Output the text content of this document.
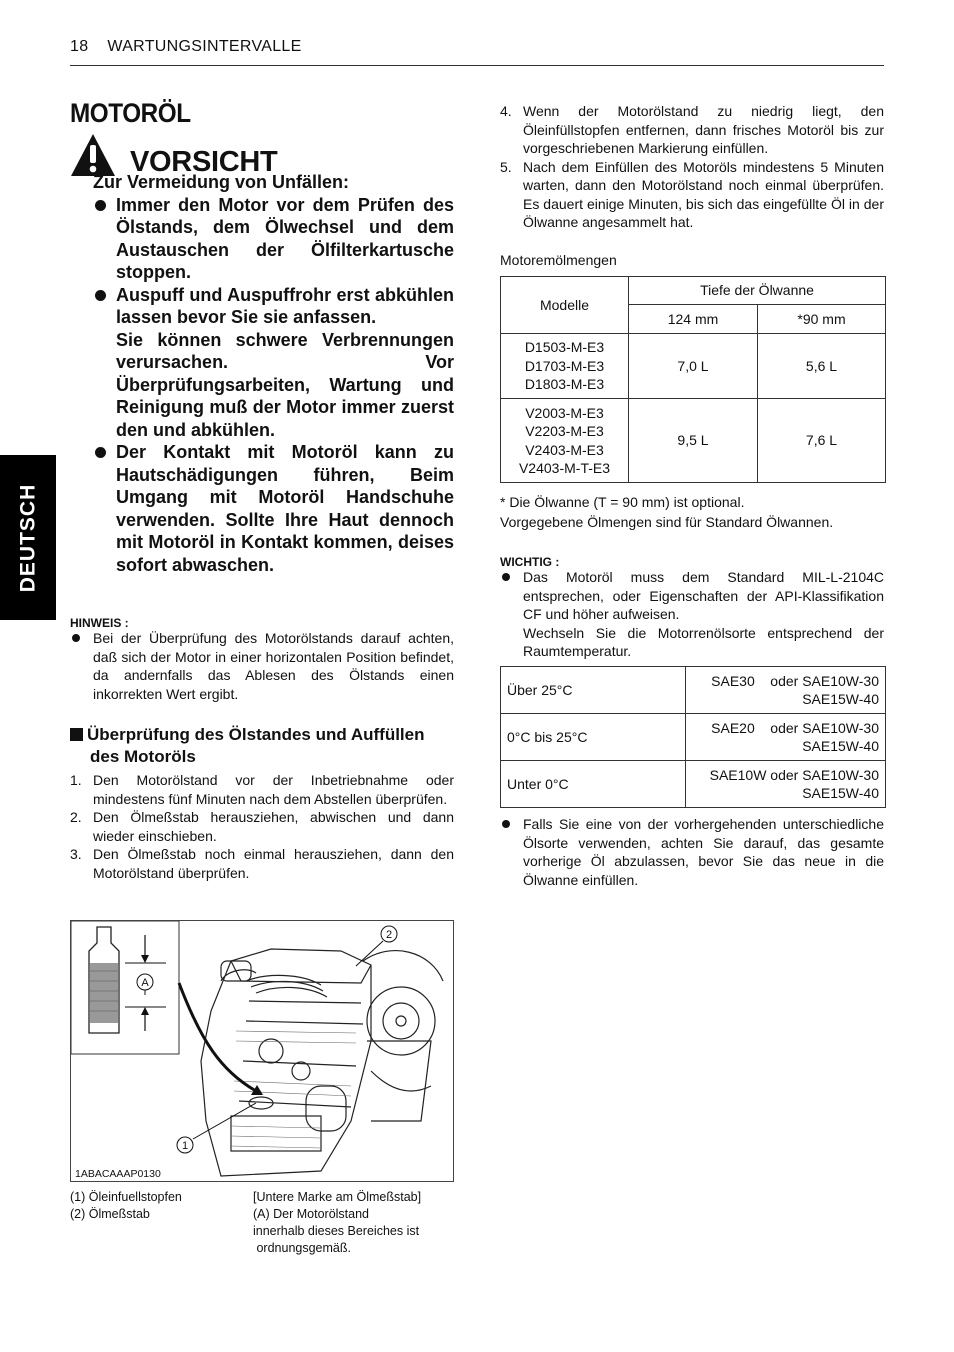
18 WARTUNGSINTERVALLE
DEUTSCH
MOTORÖL
VORSICHT
Zur Vermeidung von Unfällen:

Immer den Motor vor dem Prüfen des Ölstands, dem Ölwechsel und dem Austauschen der Ölfilterkartusche stoppen.

Auspuff und Auspuffrohr erst abkühlen lassen bevor Sie sie anfassen.

Sie können schwere Verbrennungen verursachen. Vor Überprüfungsarbeiten, Wartung und Reinigung muß der Motor immer zuerst den und abkühlen.

Der Kontakt mit Motoröl kann zu Hautschädigungen führen, Beim Umgang mit Motoröl Handschuhe verwenden. Sollte Ihre Haut dennoch mit Motoröl in Kontakt kommen, deises sofort abwaschen.

HINWEIS :
Bei der Überprüfung des Motorölstands darauf achten, daß sich der Motor in einer horizontalen Position befindet, da andernfalls das Ablesen des Ölstands einen inkorrekten Wert ergibt.
Überprüfung des Ölstandes und Auffüllen
des Motoröls
1. Den Motorölstand vor der Inbetriebnahme oder mindestens fünf Minuten nach dem Abstellen überprüfen.
2. Den Ölmeßstab herausziehen, abwischen und dann wieder einschieben.
3. Den Ölmeßstab noch einmal herausziehen, dann den Motorölstand überprüfen.
A
1
2
1ABACAAAP0130
(1) Öleinfuellstopfen
(2) Ölmeßstab
[Untere Marke am Ölmeßstab]
(A) Der Motorölstand
innerhalb dieses Bereiches ist
ordnungsgemäß.
4. Wenn der Motorölstand zu niedrig liegt, den Öleinfüllstopfen entfernen, dann frisches Motoröl bis zur vorgeschriebenen Markierung einfüllen.
5. Nach dem Einfüllen des Motoröls mindestens 5 Minuten warten, dann den Motorölstand noch einmal überprüfen. Es dauert einige Minuten, bis sich das eingefüllte Öl in der Ölwanne angesammelt hat.
Motoremölmengen
Modelle	Tiefe der Ölwanne	
	124 mm	*90 mm

D1503-M-E3
D1703-M-E3
D1803-M-E3	7,0 L	5,6 L

V2003-M-E3
V2203-M-E3
V2403-M-E3
V2403-M-T-E3	9,5 L	7,6 L
* Die Ölwanne (T = 90 mm) ist optional.
Vorgegebene Ölmengen sind für Standard Ölwannen.
WICHTIG :
Das Motoröl muss dem Standard MIL-L-2104C entsprechen, oder Eigenschaften der API-Klassifikation CF und höher aufweisen.
Wechseln Sie die Motorrenölsorte entsprechend der Raumtemperatur.
Über 25°C	SAE30    oder SAE10W-30
SAE15W-40

0°C bis 25°C	SAE20    oder SAE10W-30
SAE15W-40

Unter 0°C	SAE10W oder SAE10W-30
SAE15W-40
Falls Sie eine von der vorhergehenden unterschiedliche Ölsorte verwenden, achten Sie darauf, das gesamte vorherige Öl abzulassen, bevor Sie das neue in die Ölwanne einfüllen.
